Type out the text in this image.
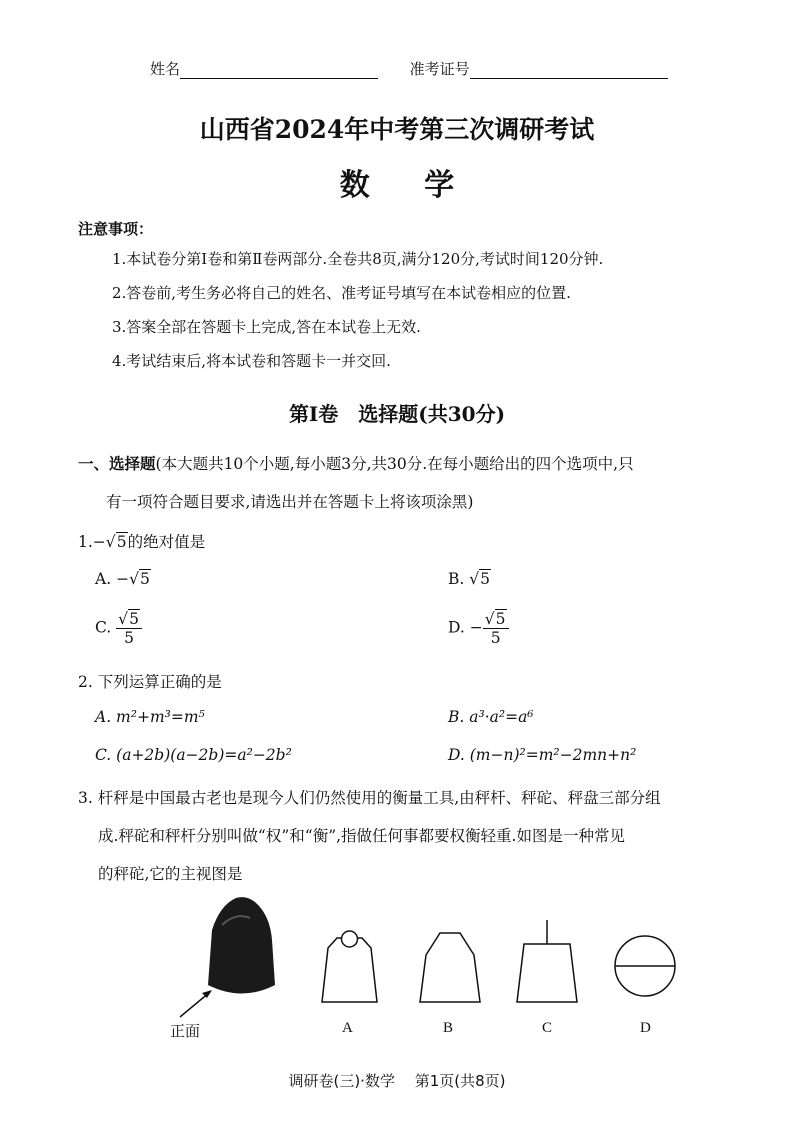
姓名	准考证号
山西省2024年中考第三次调研考试
数 学
注意事项：
1.本试卷分第Ⅰ卷和第Ⅱ卷两部分.全卷共8页,满分120分,考试时间120分钟.
2.答卷前,考生务必将自己的姓名、准考证号填写在本试卷相应的位置.
3.答案全部在答题卡上完成,答在本试卷上无效.
4.考试结束后,将本试卷和答题卡一并交回.
第Ⅰ卷　选择题(共30分)
一、选择题(本大题共10个小题,每小题3分,共30分.在每小题给出的四个选项中,只
有一项符合题目要求,请选出并在答题卡上将该项涂黑)
1.−√5的绝对值是
A. −√5	B. √5
C. $\frac{√5}{5}$	D. − $\frac{√5}{5}$
2. 下列运算正确的是
A. m²+m³=m⁵	B. a³·a²=a⁶
C. (a+2b)(a−2b)=a²−2b²	D. (m−n)²=m²−2mn+n²
3. 杆秤是中国最古老也是现今人们仍然使用的衡量工具,由秤杆、秤砣、秤盘三部分组
成.秤砣和秤杆分别叫做“权”和“衡”,指做任何事都要权衡轻重.如图是一种常见
的秤砣,它的主视图是
正面	A	B	C	D
调研卷(三)·数学　 第1页(共8页)
